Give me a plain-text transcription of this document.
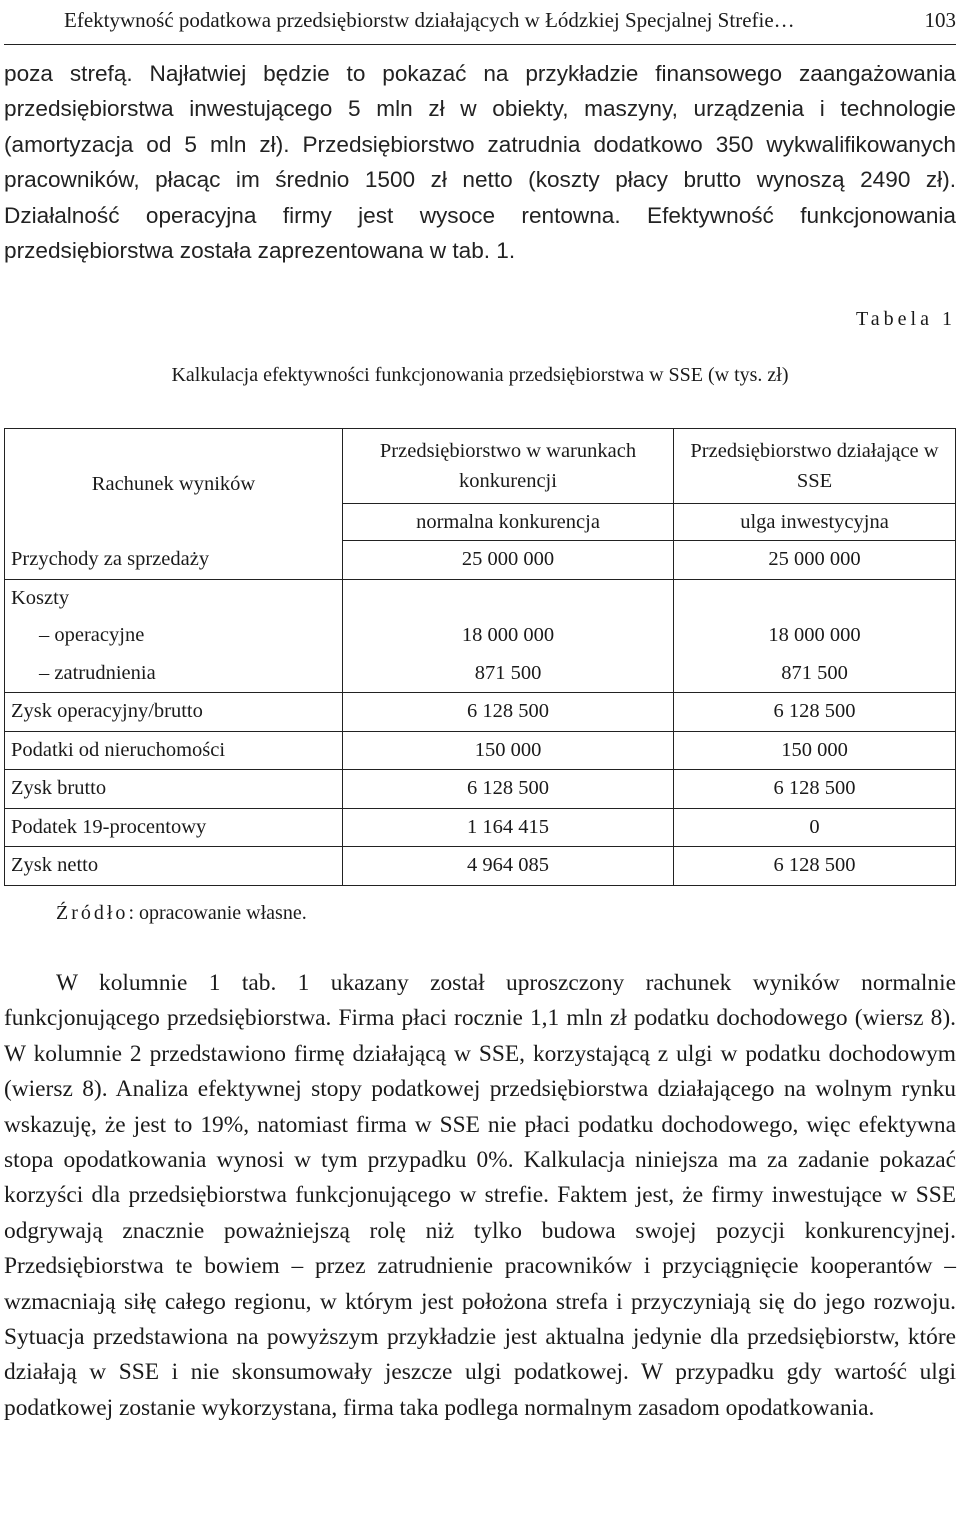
Efektywność podatkowa przedsiębiorstw działających w Łódzkiej Specjalnej Strefie…	103

poza strefą. Najłatwiej będzie to pokazać na przykładzie finansowego zaangażowania przedsiębiorstwa inwestującego 5 mln zł w obiekty, maszyny, urządzenia i technologie (amortyzacja od 5 mln zł). Przedsiębiorstwo zatrudnia dodatkowo 350 wykwalifikowanych pracowników, płacąc im średnio 1500 zł netto (koszty płacy brutto wynoszą 2490 zł). Działalność operacyjna firmy jest wysoce rentowna. Efektywność funkcjonowania przedsiębiorstwa została zaprezentowana w tab. 1.

Tabela 1
Kalkulacja efektywności funkcjonowania przedsiębiorstwa w SSE (w tys. zł)
Rachunek wyników	Przedsiębiorstwo w warunkach konkurencji	Przedsiębiorstwo działające w SSE
	normalna konkurencja	ulga inwestycyjna
Przychody za sprzedaży	25 000 000	25 000 000
Koszty		
– operacyjne	18 000 000	18 000 000
– zatrudnienia	871 500	871 500
Zysk operacyjny/brutto	6 128 500	6 128 500
Podatki od nieruchomości	150 000	150 000
Zysk brutto	6 128 500	6 128 500
Podatek 19-procentowy	1 164 415	0
Zysk netto	4 964 085	6 128 500
Źródło: opracowanie własne.

W kolumnie 1 tab. 1 ukazany został uproszczony rachunek wyników normalnie funkcjonującego przedsiębiorstwa. Firma płaci rocznie 1,1 mln zł podatku dochodowego (wiersz 8). W kolumnie 2 przedstawiono firmę działającą w SSE, korzystającą z ulgi w podatku dochodowym (wiersz 8). Analiza efektywnej stopy podatkowej przedsiębiorstwa działającego na wolnym rynku wskazuję, że jest to 19%, natomiast firma w SSE nie płaci podatku dochodowego, więc efektywna stopa opodatkowania wynosi w tym przypadku 0%. Kalkulacja niniejsza ma za zadanie pokazać korzyści dla przedsiębiorstwa funkcjonującego w strefie. Faktem jest, że firmy inwestujące w SSE odgrywają znacznie poważniejszą rolę niż tylko budowa swojej pozycji konkurencyjnej. Przedsiębiorstwa te bowiem – przez zatrudnienie pracowników i przyciągnięcie kooperantów – wzmacniają siłę całego regionu, w którym jest położona strefa i przyczyniają się do jego rozwoju. Sytuacja przedstawiona na powyższym przykładzie jest aktualna jedynie dla przedsiębiorstw, które działają w SSE i nie skonsumowały jeszcze ulgi podatkowej. W przypadku gdy wartość ulgi podatkowej zostanie wykorzystana, firma taka podlega normalnym zasadom opodatkowania.
